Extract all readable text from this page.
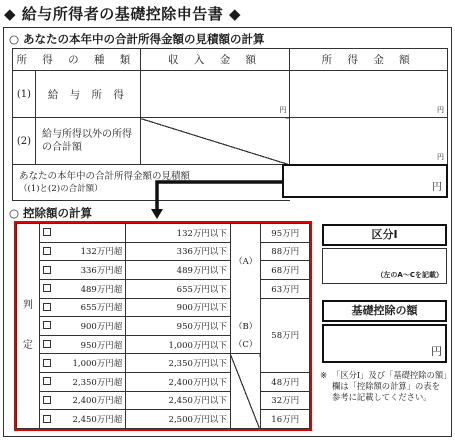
◆ 給与所得者の基礎控除申告書 ◆
○ あなたの本年中の合計所得金額の見積額の計算
所 得 の 種 類		収 入 金 額	所 得 金 額
(1)	給 与 所 得	円	円

(2)	給与所得以外の所得の合計額		円

あなたの本年中の合計所得金額の見積額
（(1)と(2)の合計額）			
		円
○ 控除額の計算
判
定			132万円以下	（A）	95万円
		132万円超	336万円以下		88万円
		336万円超	489万円以下		68万円
		489万円超	655万円以下		63万円
		655万円超	900万円以下		58万円
		900万円超	950万円以下	（B）	
		950万円超	1,000万円以下	（C）	
		1,000万円超	2,350万円以下		
		2,350万円超	2,400万円以下		48万円
		2,400万円超	2,450万円以下		32万円
		2,450万円超	2,500万円以下		16万円
区分Ⅰ
（左のA～Cを記載）
基礎控除の額
円
※ 「区分Ⅰ」及び「基礎控除の額」欄は「控除額の計算」の表を参考に記載してください。
